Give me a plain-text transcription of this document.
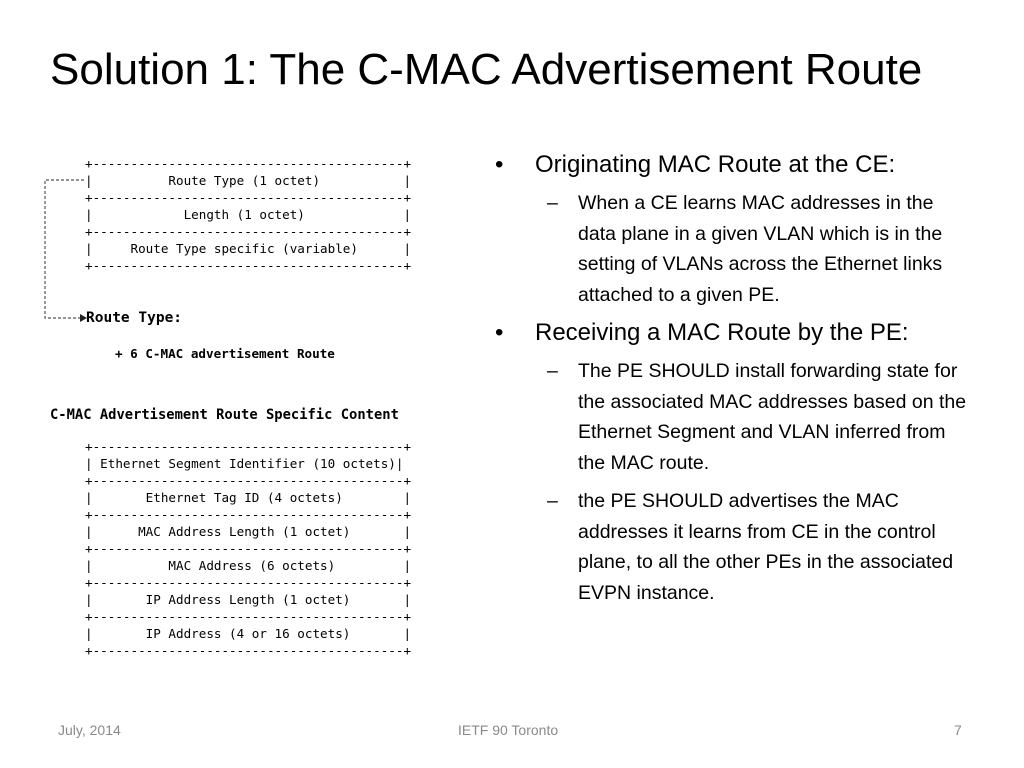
Solution 1: The C-MAC Advertisement Route
+-----------------------------------------+
|          Route Type (1 octet)           |
+-----------------------------------------+
|            Length (1 octet)             |
+-----------------------------------------+
|     Route Type specific (variable)      |
+-----------------------------------------+
Route Type:
+ 6 C-MAC advertisement Route
C-MAC Advertisement Route Specific Content
+-----------------------------------------+
| Ethernet Segment Identifier (10 octets)|
+-----------------------------------------+
|       Ethernet Tag ID (4 octets)        |
+-----------------------------------------+
|      MAC Address Length (1 octet)       |
+-----------------------------------------+
|          MAC Address (6 octets)         |
+-----------------------------------------+
|       IP Address Length (1 octet)       |
+-----------------------------------------+
|       IP Address (4 or 16 octets)       |
+-----------------------------------------+
• Originating MAC Route at the CE:
– When a CE learns MAC addresses in the data plane in a given VLAN which is in the setting of VLANs across the Ethernet links attached to a given PE.
• Receiving a MAC Route by the PE:
– The PE SHOULD install forwarding state for the associated MAC addresses based on the Ethernet Segment and VLAN inferred from the MAC route.
– the PE SHOULD advertises the MAC addresses it learns from CE in the control plane, to all the other PEs in the associated EVPN instance.
July, 2014	IETF 90 Toronto	7
